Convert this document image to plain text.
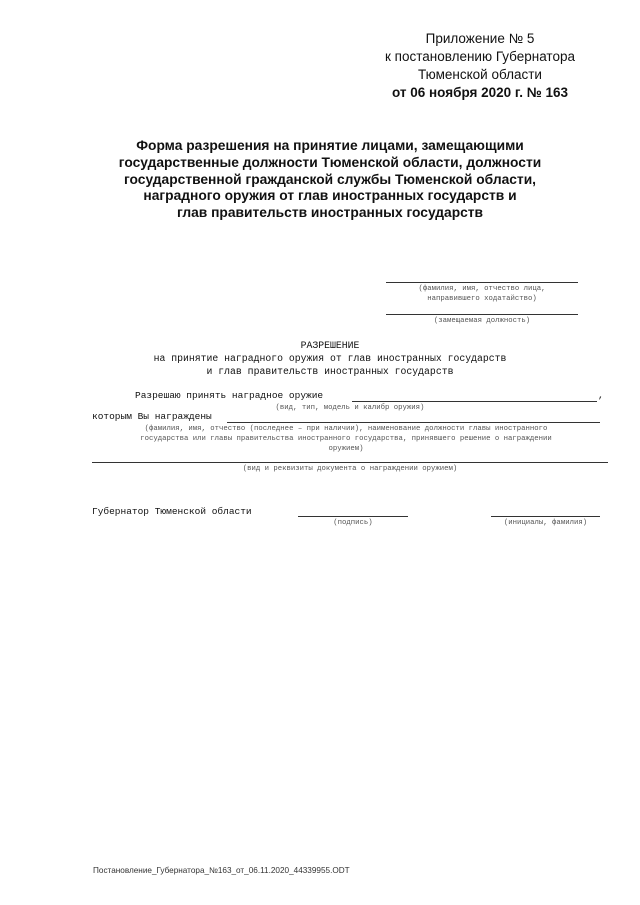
Приложение № 5
к постановлению Губернатора
Тюменской области
от 06 ноября 2020 г. № 163
Форма разрешения на принятие лицами, замещающими
государственные должности Тюменской области, должности
государственной гражданской службы Тюменской области,
наградного оружия от глав иностранных государств и
глав правительств иностранных государств
(фамилия, имя, отчество лица,
направившего ходатайство)
(замещаемая должность)
РАЗРЕШЕНИЕ
на принятие наградного оружия от глав иностранных государств
и глав правительств иностранных государств
Разрешаю принять наградное оружие	,
(вид, тип, модель и калибр оружия)
которым Вы награждены
(фамилия, имя, отчество (последнее – при наличии), наименование должности главы иностранного
государства или главы правительства иностранного государства, принявшего решение о награждении
оружием)
(вид и реквизиты документа о награждении оружием)
Губернатор Тюменской области
(подпись)	(инициалы, фамилия)
Постановление_Губернатора_№163_от_06.11.2020_44339955.ODT
